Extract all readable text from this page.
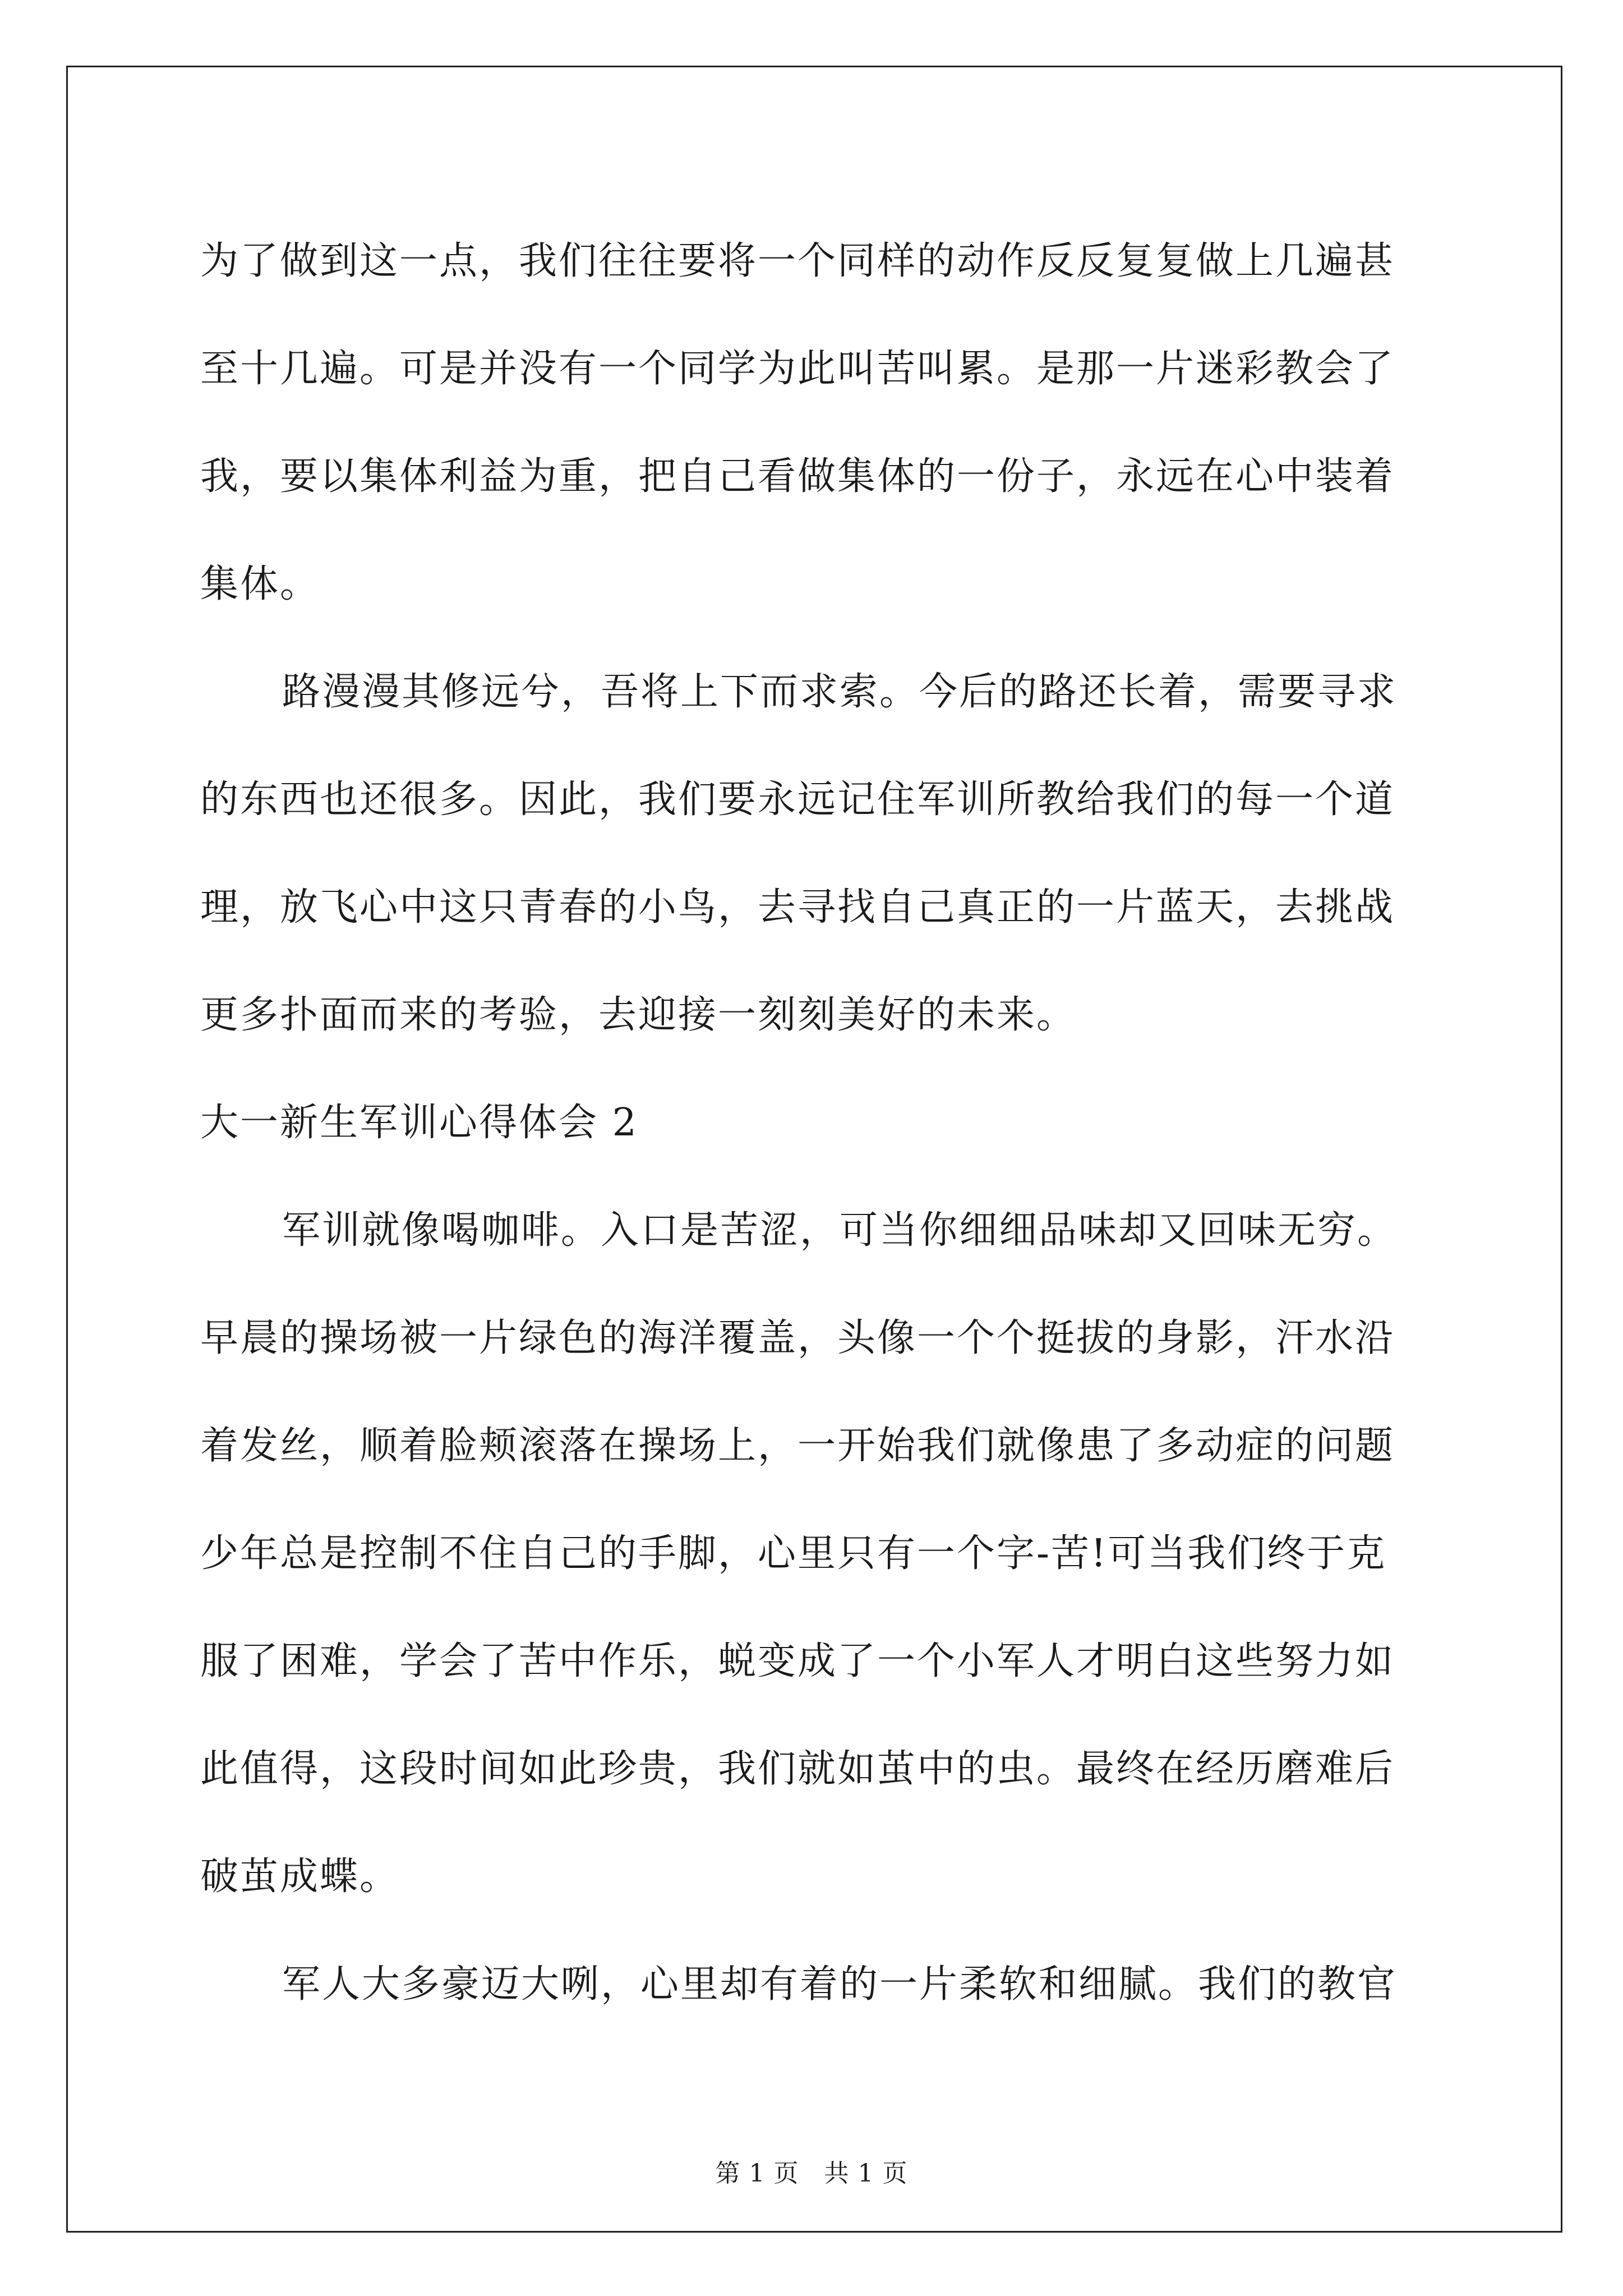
为了做到这一点，我们往往要将一个同样的动作反反复复做上几遍甚
至十几遍。可是并没有一个同学为此叫苦叫累。是那一片迷彩教会了
我，要以集体利益为重，把自己看做集体的一份子，永远在心中装着
集体。
路漫漫其修远兮，吾将上下而求索。今后的路还长着，需要寻求
的东西也还很多。因此，我们要永远记住军训所教给我们的每一个道
理，放飞心中这只青春的小鸟，去寻找自己真正的一片蓝天，去挑战
更多扑面而来的考验，去迎接一刻刻美好的未来。
大一新生军训心得体会 2
军训就像喝咖啡。入口是苦涩，可当你细细品味却又回味无穷。
早晨的操场被一片绿色的海洋覆盖，头像一个个挺拔的身影，汗水沿
着发丝，顺着脸颊滚落在操场上，一开始我们就像患了多动症的问题
少年总是控制不住自己的手脚，心里只有一个字-苦!可当我们终于克
服了困难，学会了苦中作乐，蜕变成了一个小军人才明白这些努力如
此值得，这段时间如此珍贵，我们就如茧中的虫。最终在经历磨难后
破茧成蝶。
军人大多豪迈大咧，心里却有着的一片柔软和细腻。我们的教官
第 1 页　共 1 页
